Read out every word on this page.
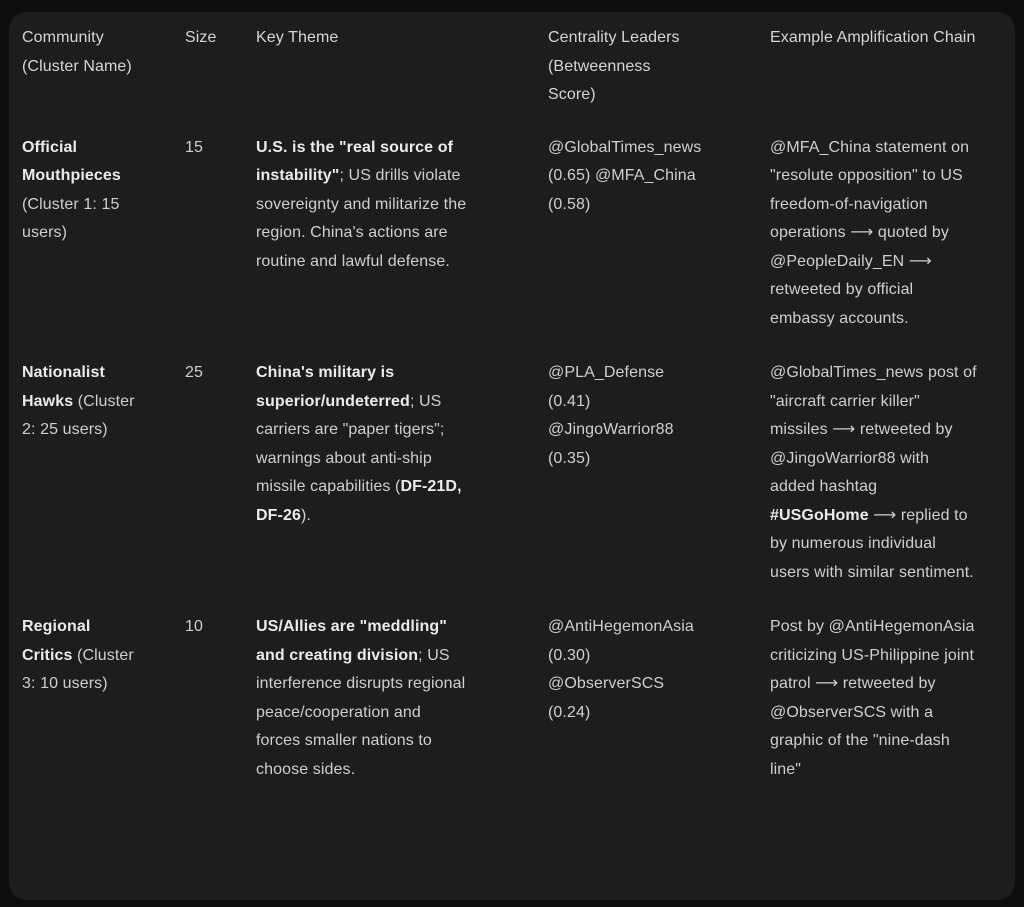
Community (Cluster Name)	Size	Key Theme	Centrality Leaders (Betweenness Score)	Example Amplification Chain
Official Mouthpieces (Cluster 1: 15 users)	15	U.S. is the "real source of instability"; US drills violate sovereignty and militarize the region. China's actions are routine and lawful defense.	@GlobalTimes_news (0.65) @MFA_China (0.58)	@MFA_China statement on "resolute opposition" to US freedom-of-navigation operations ⟶ quoted by @PeopleDaily_EN ⟶ retweeted by official embassy accounts.
Nationalist Hawks (Cluster 2: 25 users)	25	China's military is superior/undeterred; US carriers are "paper tigers"; warnings about anti-ship missile capabilities (DF-21D, DF-26).	@PLA_Defense (0.41) @JingoWarrior88 (0.35)	@GlobalTimes_news post of "aircraft carrier killer" missiles ⟶ retweeted by @JingoWarrior88 with added hashtag #USGoHome ⟶ replied to by numerous individual users with similar sentiment.
Regional Critics (Cluster 3: 10 users)	10	US/Allies are "meddling" and creating division; US interference disrupts regional peace/cooperation and forces smaller nations to choose sides.	@AntiHegemonAsia (0.30) @ObserverSCS (0.24)	Post by @AntiHegemonAsia criticizing US-Philippine joint patrol ⟶ retweeted by @ObserverSCS with a graphic of the "nine-dash line"
